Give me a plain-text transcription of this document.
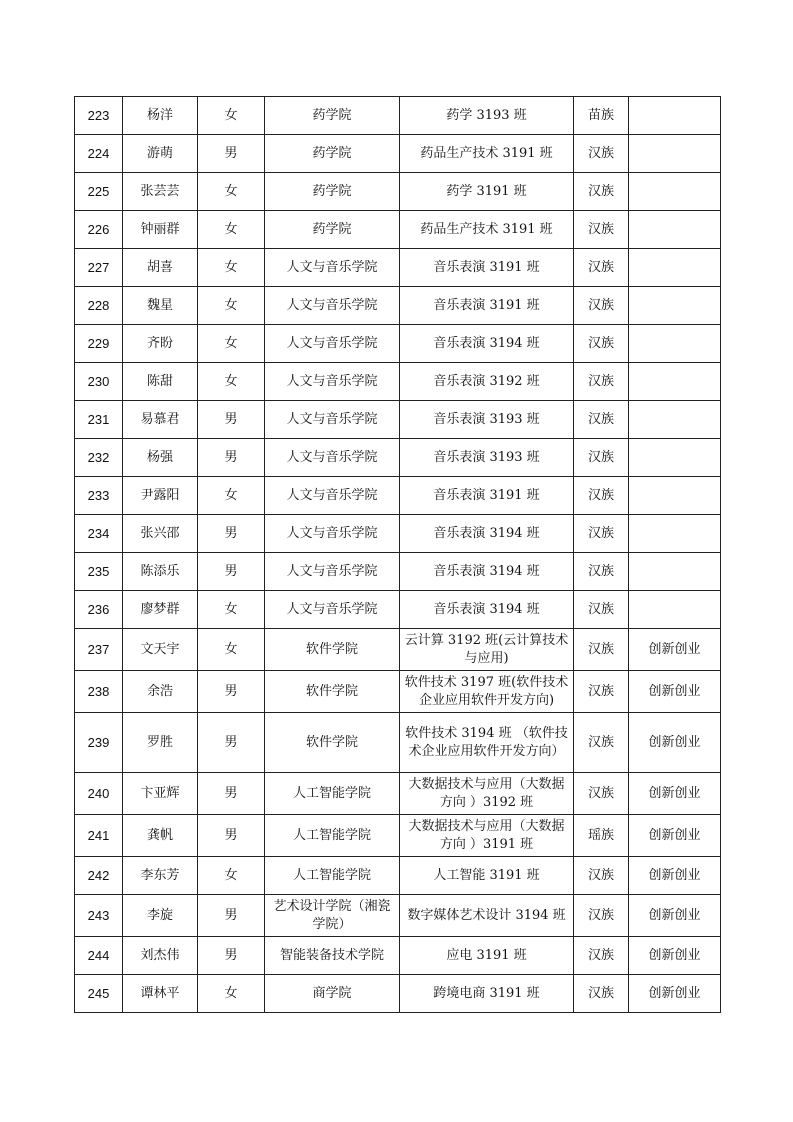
223	杨洋	女	药学院	药学 3193 班	苗族	
224	游萌	男	药学院	药品生产技术 3191 班	汉族	
225	张芸芸	女	药学院	药学 3191 班	汉族	
226	钟丽群	女	药学院	药品生产技术 3191 班	汉族	
227	胡喜	女	人文与音乐学院	音乐表演 3191 班	汉族	
228	魏星	女	人文与音乐学院	音乐表演 3191 班	汉族	
229	齐盼	女	人文与音乐学院	音乐表演 3194 班	汉族	
230	陈甜	女	人文与音乐学院	音乐表演 3192 班	汉族	
231	易慕君	男	人文与音乐学院	音乐表演 3193 班	汉族	
232	杨强	男	人文与音乐学院	音乐表演 3193 班	汉族	
233	尹露阳	女	人文与音乐学院	音乐表演 3191 班	汉族	
234	张兴邵	男	人文与音乐学院	音乐表演 3194 班	汉族	
235	陈添乐	男	人文与音乐学院	音乐表演 3194 班	汉族	
236	廖梦群	女	人文与音乐学院	音乐表演 3194 班	汉族	
237	文天宇	女	软件学院	云计算 3192 班(云计算技术与应用)	汉族	创新创业
238	余浩	男	软件学院	软件技术 3197 班(软件技术企业应用软件开发方向)	汉族	创新创业
239	罗胜	男	软件学院	软件技术 3194 班 （软件技术企业应用软件开发方向）	汉族	创新创业
240	卞亚辉	男	人工智能学院	大数据技术与应用（大数据方向 ）3192 班	汉族	创新创业
241	龚帆	男	人工智能学院	大数据技术与应用（大数据方向 ）3191 班	瑶族	创新创业
242	李东芳	女	人工智能学院	人工智能 3191 班	汉族	创新创业
243	李旋	男	艺术设计学院（湘瓷学院）	数字媒体艺术设计 3194 班	汉族	创新创业
244	刘杰伟	男	智能装备技术学院	应电 3191 班	汉族	创新创业
245	谭林平	女	商学院	跨境电商 3191 班	汉族	创新创业
